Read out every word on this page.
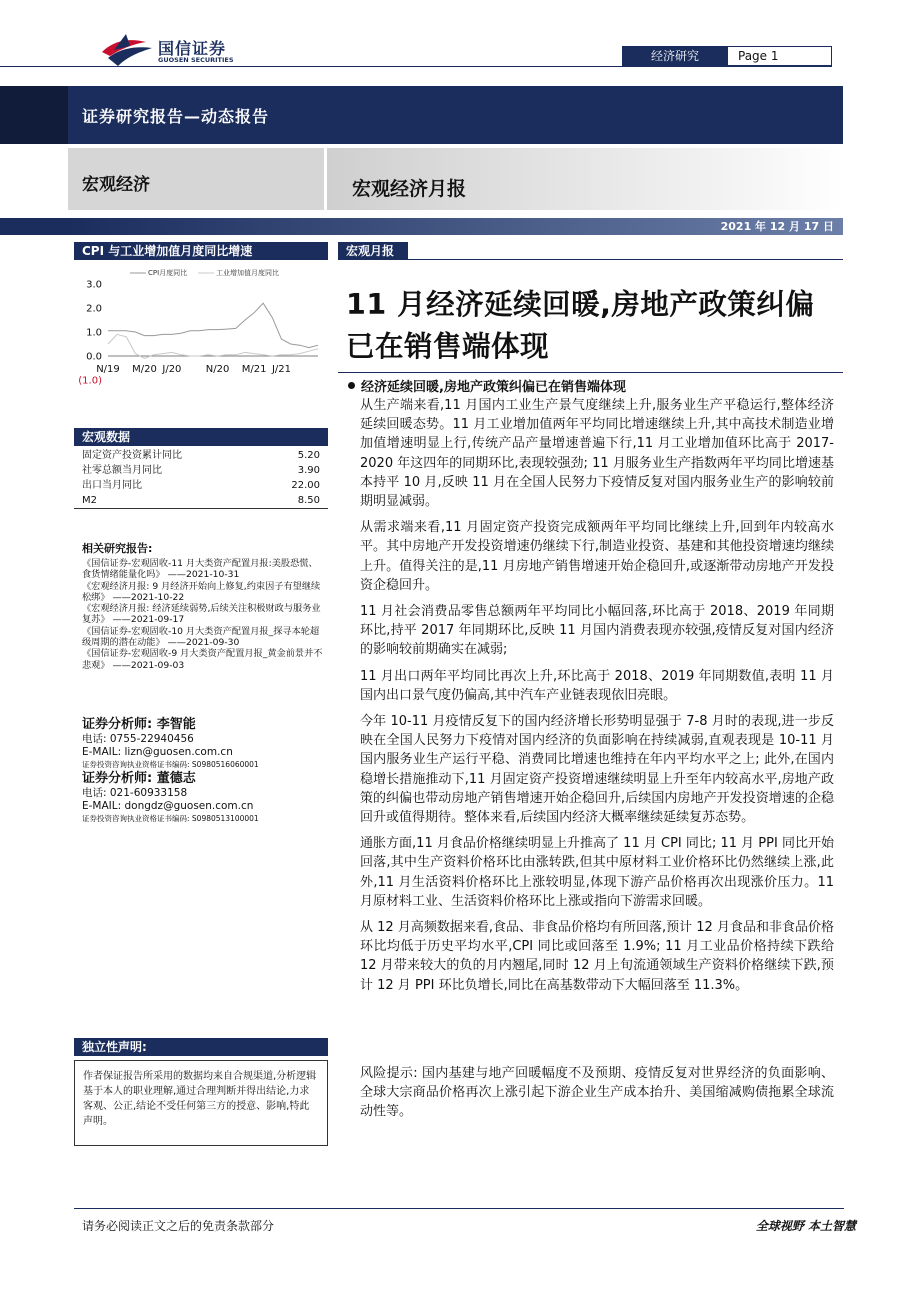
国信证券
GUOSEN SECURITIES	经济研究	Page 1
证券研究报告—动态报告
宏观经济	宏观经济月报
2021 年 12 月 17 日
CPI 与工业增加值月度同比增速
CPI月度同比	工业增加值月度同比
3.0
2.0
1.0
0.0
(1.0)
N/19 M/20 J/20 N/20 M/21 J/21
宏观数据
固定资产投资累计同比	5.20
社零总额当月同比	3.90
出口当月同比	22.00
M2	8.50
相关研究报告:
《国信证券-宏观固收-11 月大类资产配置月报:美股恐慌、食货情绪能量化吗》 ——2021-10-31
《宏观经济月报: 9 月经济开始向上修复,约束因子有望继续松绑》 ——2021-10-22
《宏观经济月报: 经济延续弱势,后续关注积极财政与服务业复苏》 ——2021-09-17
《国信证券-宏观固收-10 月大类资产配置月报_探寻本轮超级周期的潜在动能》 ——2021-09-30
《国信证券-宏观固收-9 月大类资产配置月报_黄金前景并不悲观》 ——2021-09-03
证券分析师: 李智能
电话: 0755-22940456
E-MAIL: lizn@guosen.com.cn
证券投资咨询执业资格证书编码: S0980516060001
证券分析师: 董德志
电话: 021-60933158
E-MAIL: dongdz@guosen.com.cn
证券投资咨询执业资格证书编码: S0980513100001
独立性声明:
作者保证报告所采用的数据均来自合规渠道,分析逻辑基于本人的职业理解,通过合理判断并得出结论,力求客观、公正,结论不受任何第三方的授意、影响,特此声明。
宏观月报
11 月经济延续回暖,房地产政策纠偏已在销售端体现
经济延续回暖,房地产政策纠偏已在销售端体现

从生产端来看,11 月国内工业生产景气度继续上升,服务业生产平稳运行,整体经济延续回暖态势。11 月工业增加值两年平均同比增速继续上升,其中高技术制造业增加值增速明显上行,传统产品产量增速普遍下行,11 月工业增加值环比高于 2017-2020 年这四年的同期环比,表现较强劲; 11 月服务业生产指数两年平均同比增速基本持平 10 月,反映 11 月在全国人民努力下疫情反复对国内服务业生产的影响较前期明显减弱。

从需求端来看,11 月固定资产投资完成额两年平均同比继续上升,回到年内较高水平。其中房地产开发投资增速仍继续下行,制造业投资、基建和其他投资增速均继续上升。值得关注的是,11 月房地产销售增速开始企稳回升,或逐渐带动房地产开发投资企稳回升。

11 月社会消费品零售总额两年平均同比小幅回落,环比高于 2018、2019 年同期环比,持平 2017 年同期环比,反映 11 月国内消费表现亦较强,疫情反复对国内经济的影响较前期确实在减弱;

11 月出口两年平均同比再次上升,环比高于 2018、2019 年同期数值,表明 11 月国内出口景气度仍偏高,其中汽车产业链表现依旧亮眼。

今年 10-11 月疫情反复下的国内经济增长形势明显强于 7-8 月时的表现,进一步反映在全国人民努力下疫情对国内经济的负面影响在持续减弱,直观表现是 10-11 月国内服务业生产运行平稳、消费同比增速也维持在年内平均水平之上; 此外,在国内稳增长措施推动下,11 月固定资产投资增速继续明显上升至年内较高水平,房地产政策的纠偏也带动房地产销售增速开始企稳回升,后续国内房地产开发投资增速的企稳回升或值得期待。整体来看,后续国内经济大概率继续延续复苏态势。

通胀方面,11 月食品价格继续明显上升推高了 11 月 CPI 同比; 11 月 PPI 同比开始回落,其中生产资料价格环比由涨转跌,但其中原材料工业价格环比仍然继续上涨,此外,11 月生活资料价格环比上涨较明显,体现下游产品价格再次出现涨价压力。11 月原材料工业、生活资料价格环比上涨或指向下游需求回暖。

从 12 月高频数据来看,食品、非食品价格均有所回落,预计 12 月食品和非食品价格环比均低于历史平均水平,CPI 同比或回落至 1.9%; 11 月工业品价格持续下跌给 12 月带来较大的负的月内翘尾,同时 12 月上旬流通领域生产资料价格继续下跌,预计 12 月 PPI 环比负增长,同比在高基数带动下大幅回落至 11.3%。

风险提示: 国内基建与地产回暖幅度不及预期、疫情反复对世界经济的负面影响、全球大宗商品价格再次上涨引起下游企业生产成本抬升、美国缩减购债拖累全球流动性等。
请务必阅读正文之后的免责条款部分	全球视野 本土智慧
